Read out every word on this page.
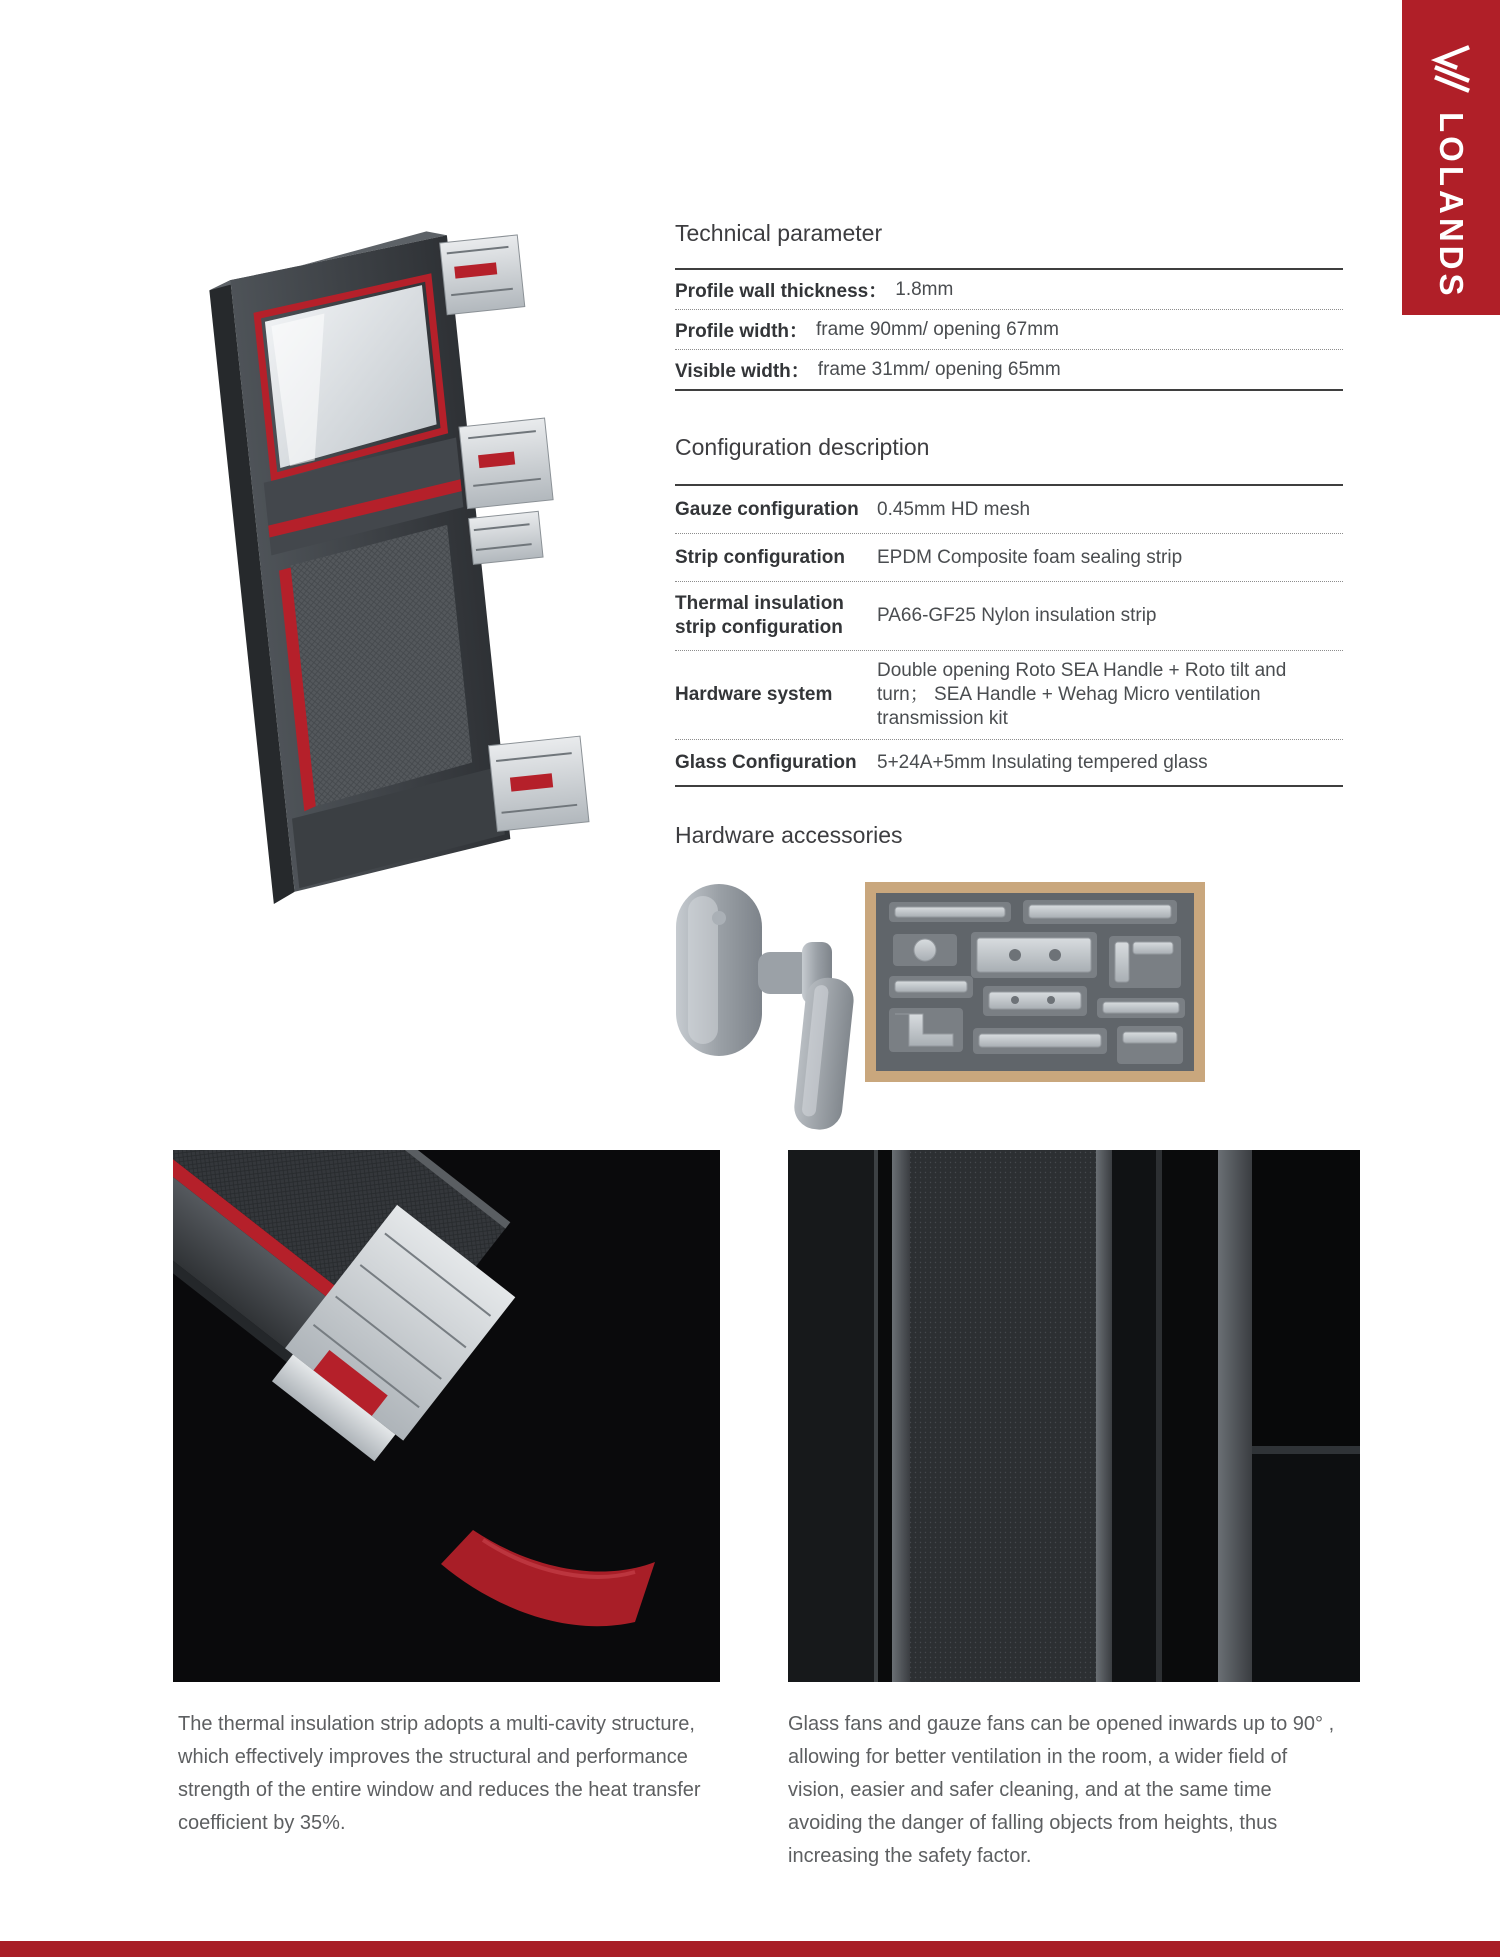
LOLANDS
Technical parameter
Profile wall thickness： 1.8mm
Profile width： frame 90mm/ opening 67mm
Visible width： frame 31mm/ opening 65mm
Configuration description
Gauze configuration 0.45mm HD mesh
Strip configuration	EPDM Composite foam sealing strip
Thermal insulation strip configuration
PA66-GF25 Nylon insulation strip
Hardware system
Double opening Roto SEA Handle + Roto tilt and turn； SEA Handle + Wehag Micro ventilation transmission kit
Glass Configuration	5+24A+5mm Insulating tempered glass
Hardware accessories

The thermal insulation strip adopts a multi-cavity structure, which effectively improves the structural and performance strength of the entire window and reduces the heat transfer coefficient by 35%.

Glass fans and gauze fans can be opened inwards up to 90° , allowing for better ventilation in the room, a wider field of vision, easier and safer cleaning, and at the same time avoiding the danger of falling objects from heights, thus increasing the safety factor.
